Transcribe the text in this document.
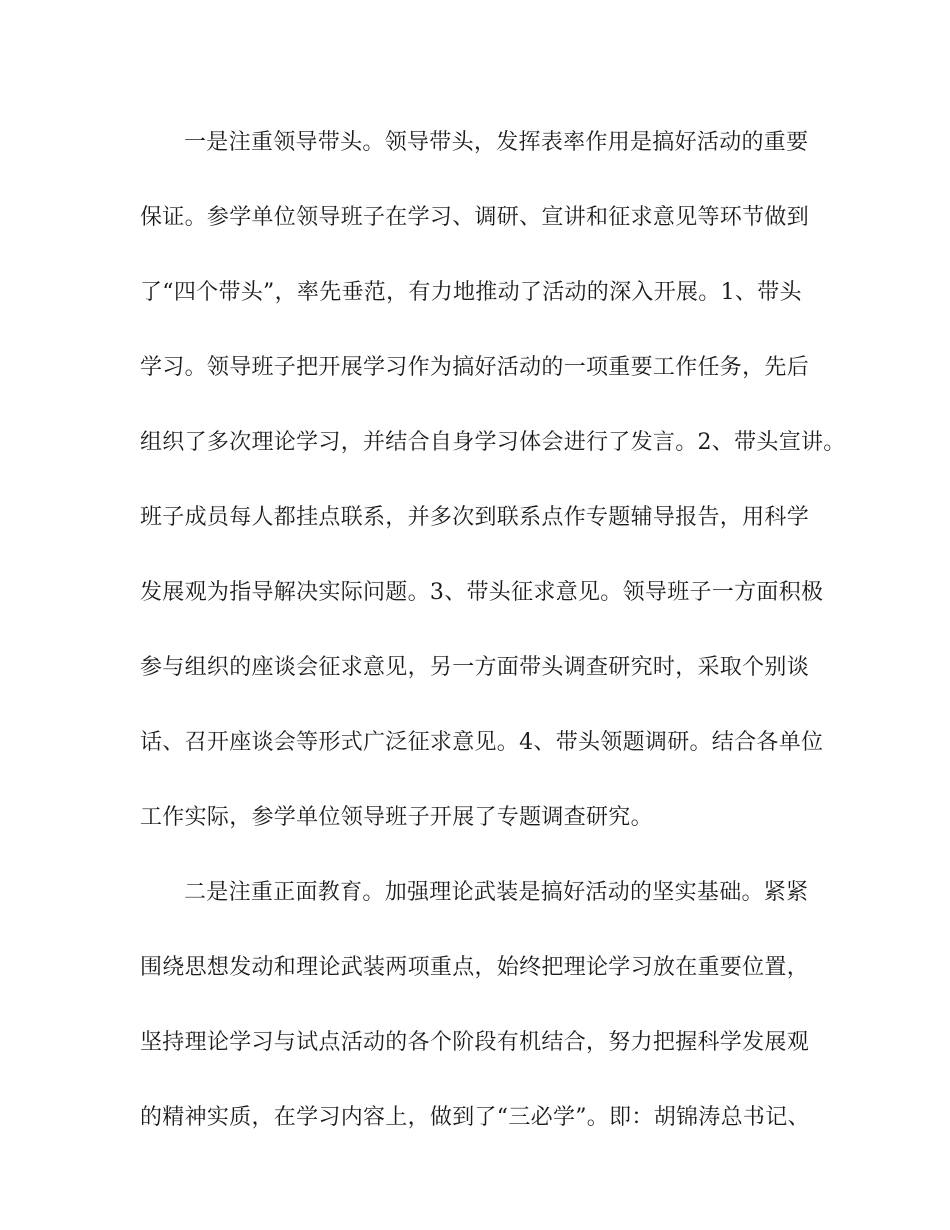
一是注重领导带头。领导带头，发挥表率作用是搞好活动的重要
保证。参学单位领导班子在学习、调研、宣讲和征求意见等环节做到
了“四个带头”，率先垂范，有力地推动了活动的深入开展。1、带头
学习。领导班子把开展学习作为搞好活动的一项重要工作任务，先后
组织了多次理论学习，并结合自身学习体会进行了发言。2、带头宣讲。
班子成员每人都挂点联系，并多次到联系点作专题辅导报告，用科学
发展观为指导解决实际问题。3、带头征求意见。领导班子一方面积极
参与组织的座谈会征求意见，另一方面带头调查研究时，采取个别谈
话、召开座谈会等形式广泛征求意见。4、带头领题调研。结合各单位
工作实际，参学单位领导班子开展了专题调查研究。
二是注重正面教育。加强理论武装是搞好活动的坚实基础。紧紧
围绕思想发动和理论武装两项重点，始终把理论学习放在重要位置，
坚持理论学习与试点活动的各个阶段有机结合，努力把握科学发展观
的精神实质，在学习内容上，做到了“三必学”。即：胡锦涛总书记、
